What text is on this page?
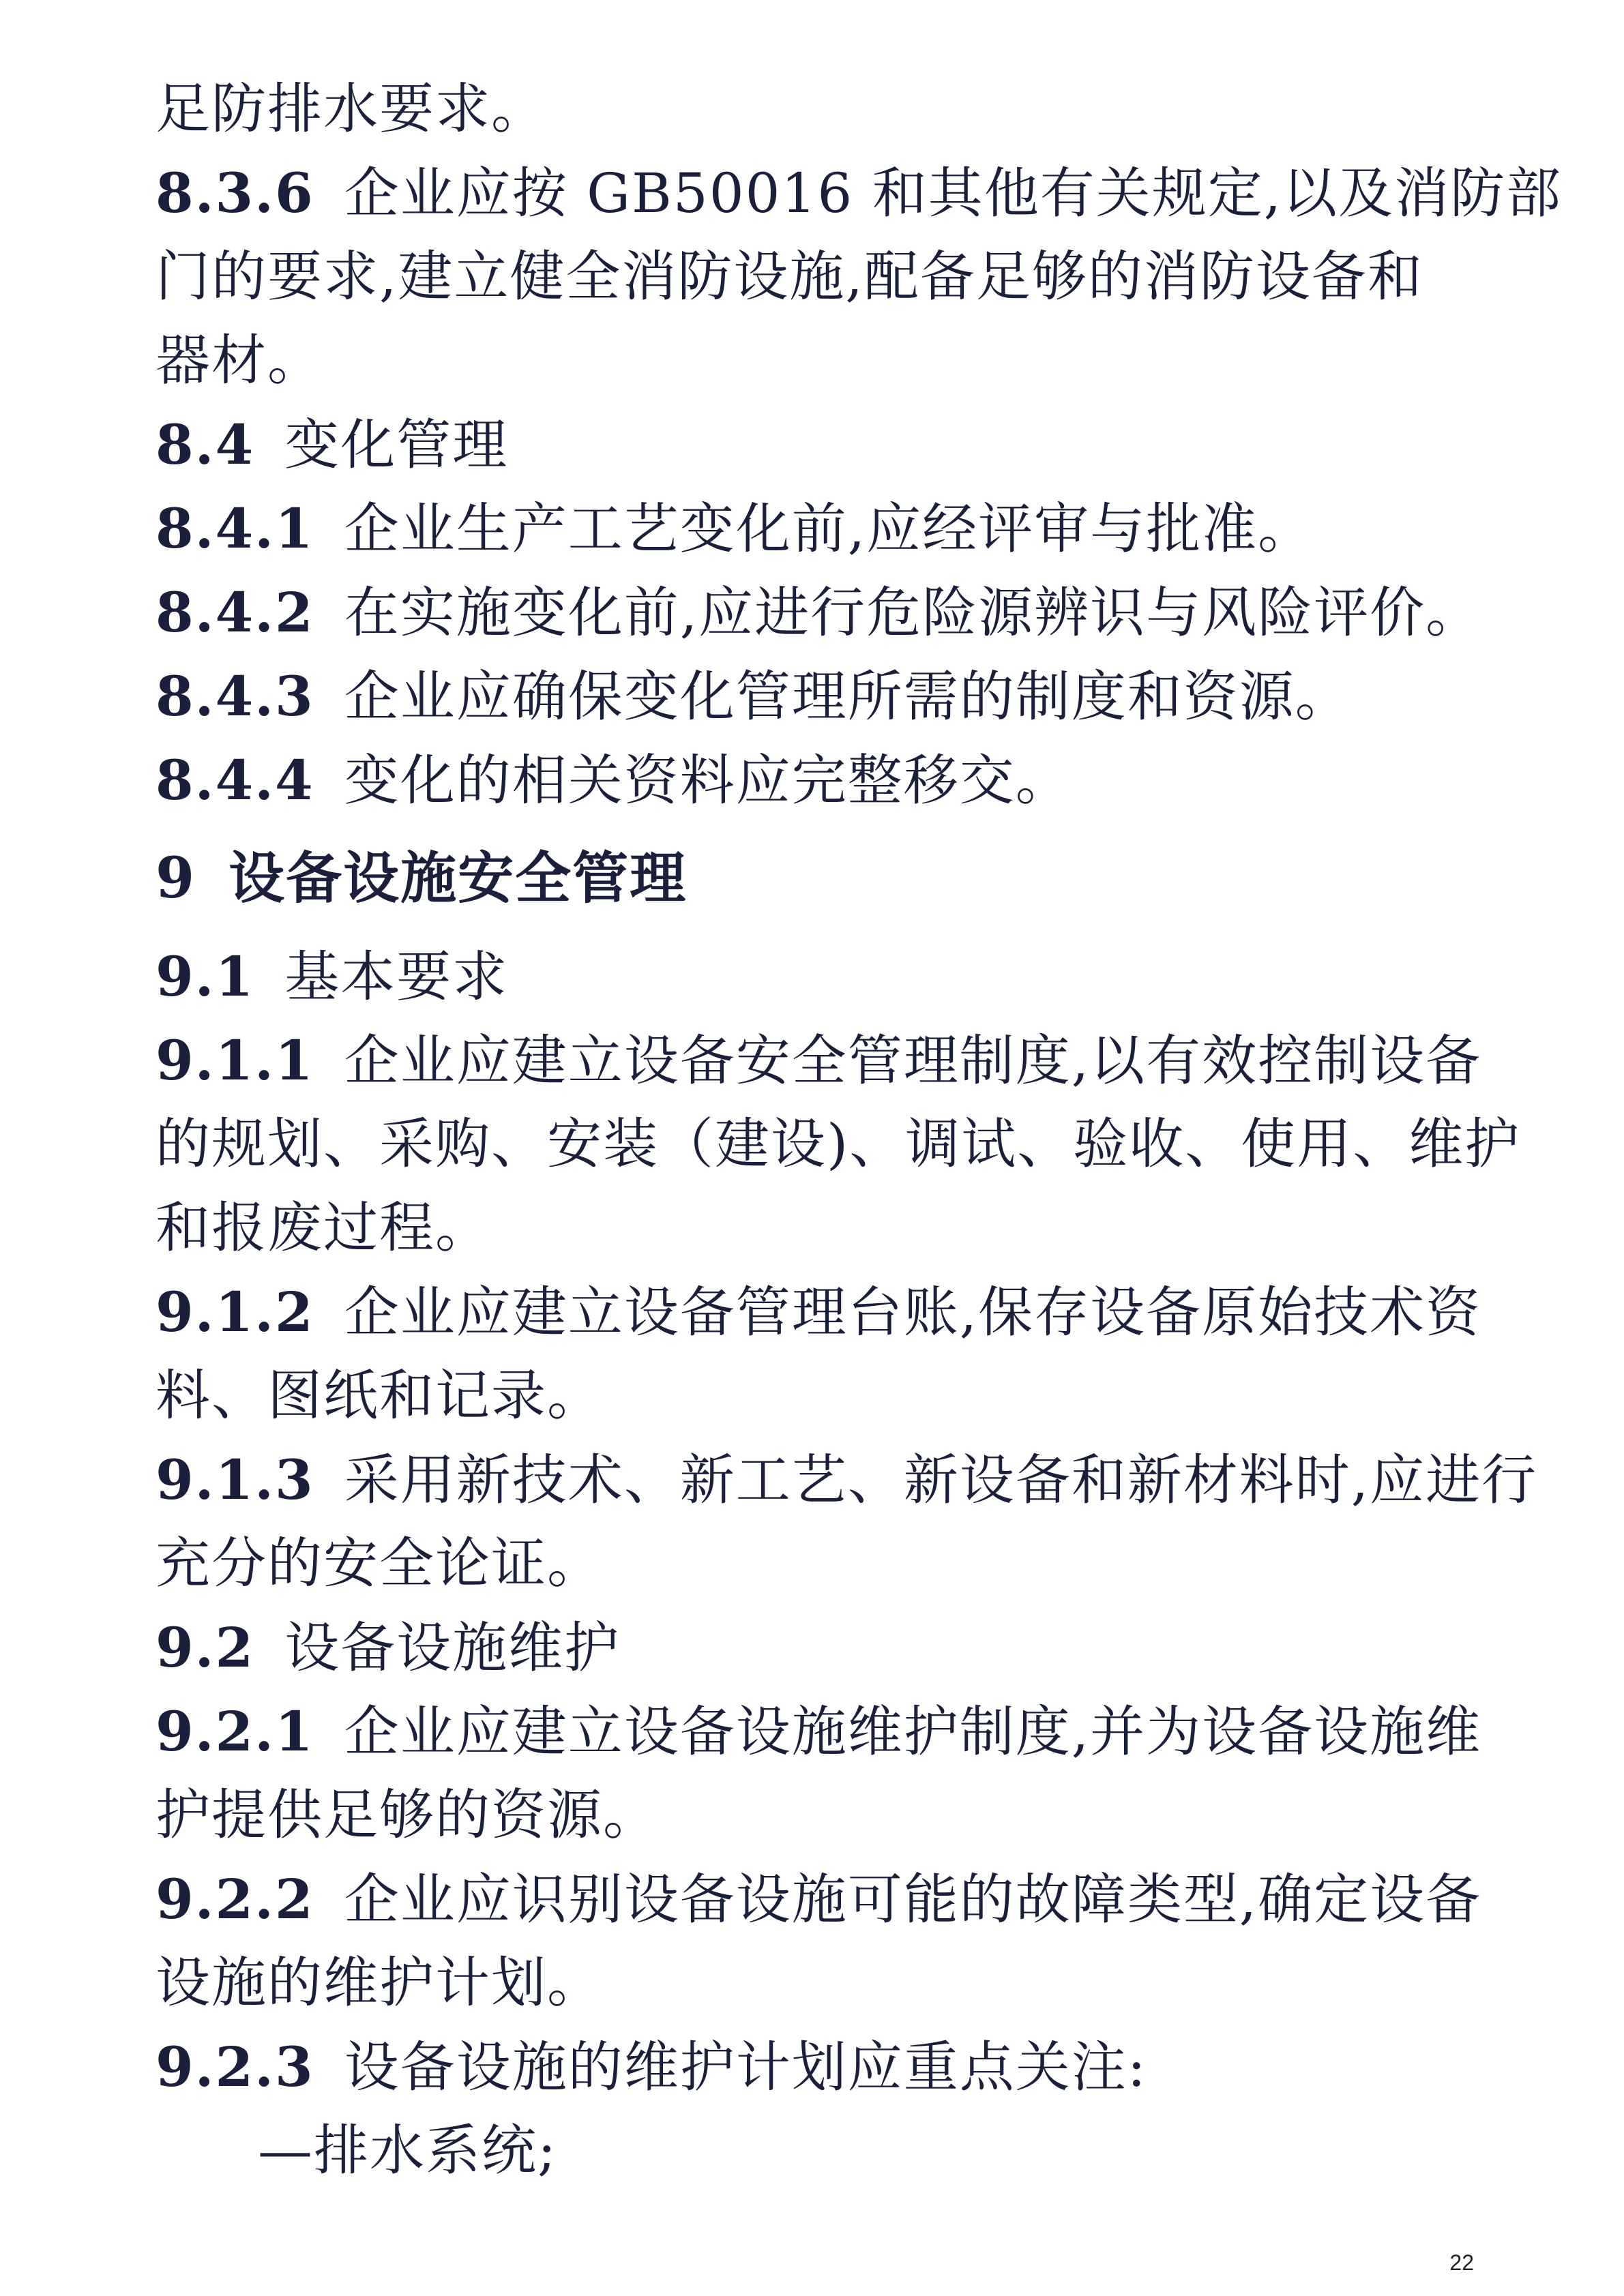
足防排水要求。
8.3.6 企业应按 GB50016 和其他有关规定,以及消防部
门的要求,建立健全消防设施,配备足够的消防设备和
器材。
8.4 变化管理
8.4.1 企业生产工艺变化前,应经评审与批准。
8.4.2 在实施变化前,应进行危险源辨识与风险评价。
8.4.3 企业应确保变化管理所需的制度和资源。
8.4.4 变化的相关资料应完整移交。
9 设备设施安全管理
9.1 基本要求
9.1.1 企业应建立设备安全管理制度,以有效控制设备
的规划、采购、安装（建设)、调试、验收、使用、维护
和报废过程。
9.1.2 企业应建立设备管理台账,保存设备原始技术资
料、图纸和记录。
9.1.3 采用新技术、新工艺、新设备和新材料时,应进行
充分的安全论证。
9.2 设备设施维护
9.2.1 企业应建立设备设施维护制度,并为设备设施维
护提供足够的资源。
9.2.2 企业应识别设备设施可能的故障类型,确定设备
设施的维护计划。
9.2.3 设备设施的维护计划应重点关注:
—排水系统;
22
